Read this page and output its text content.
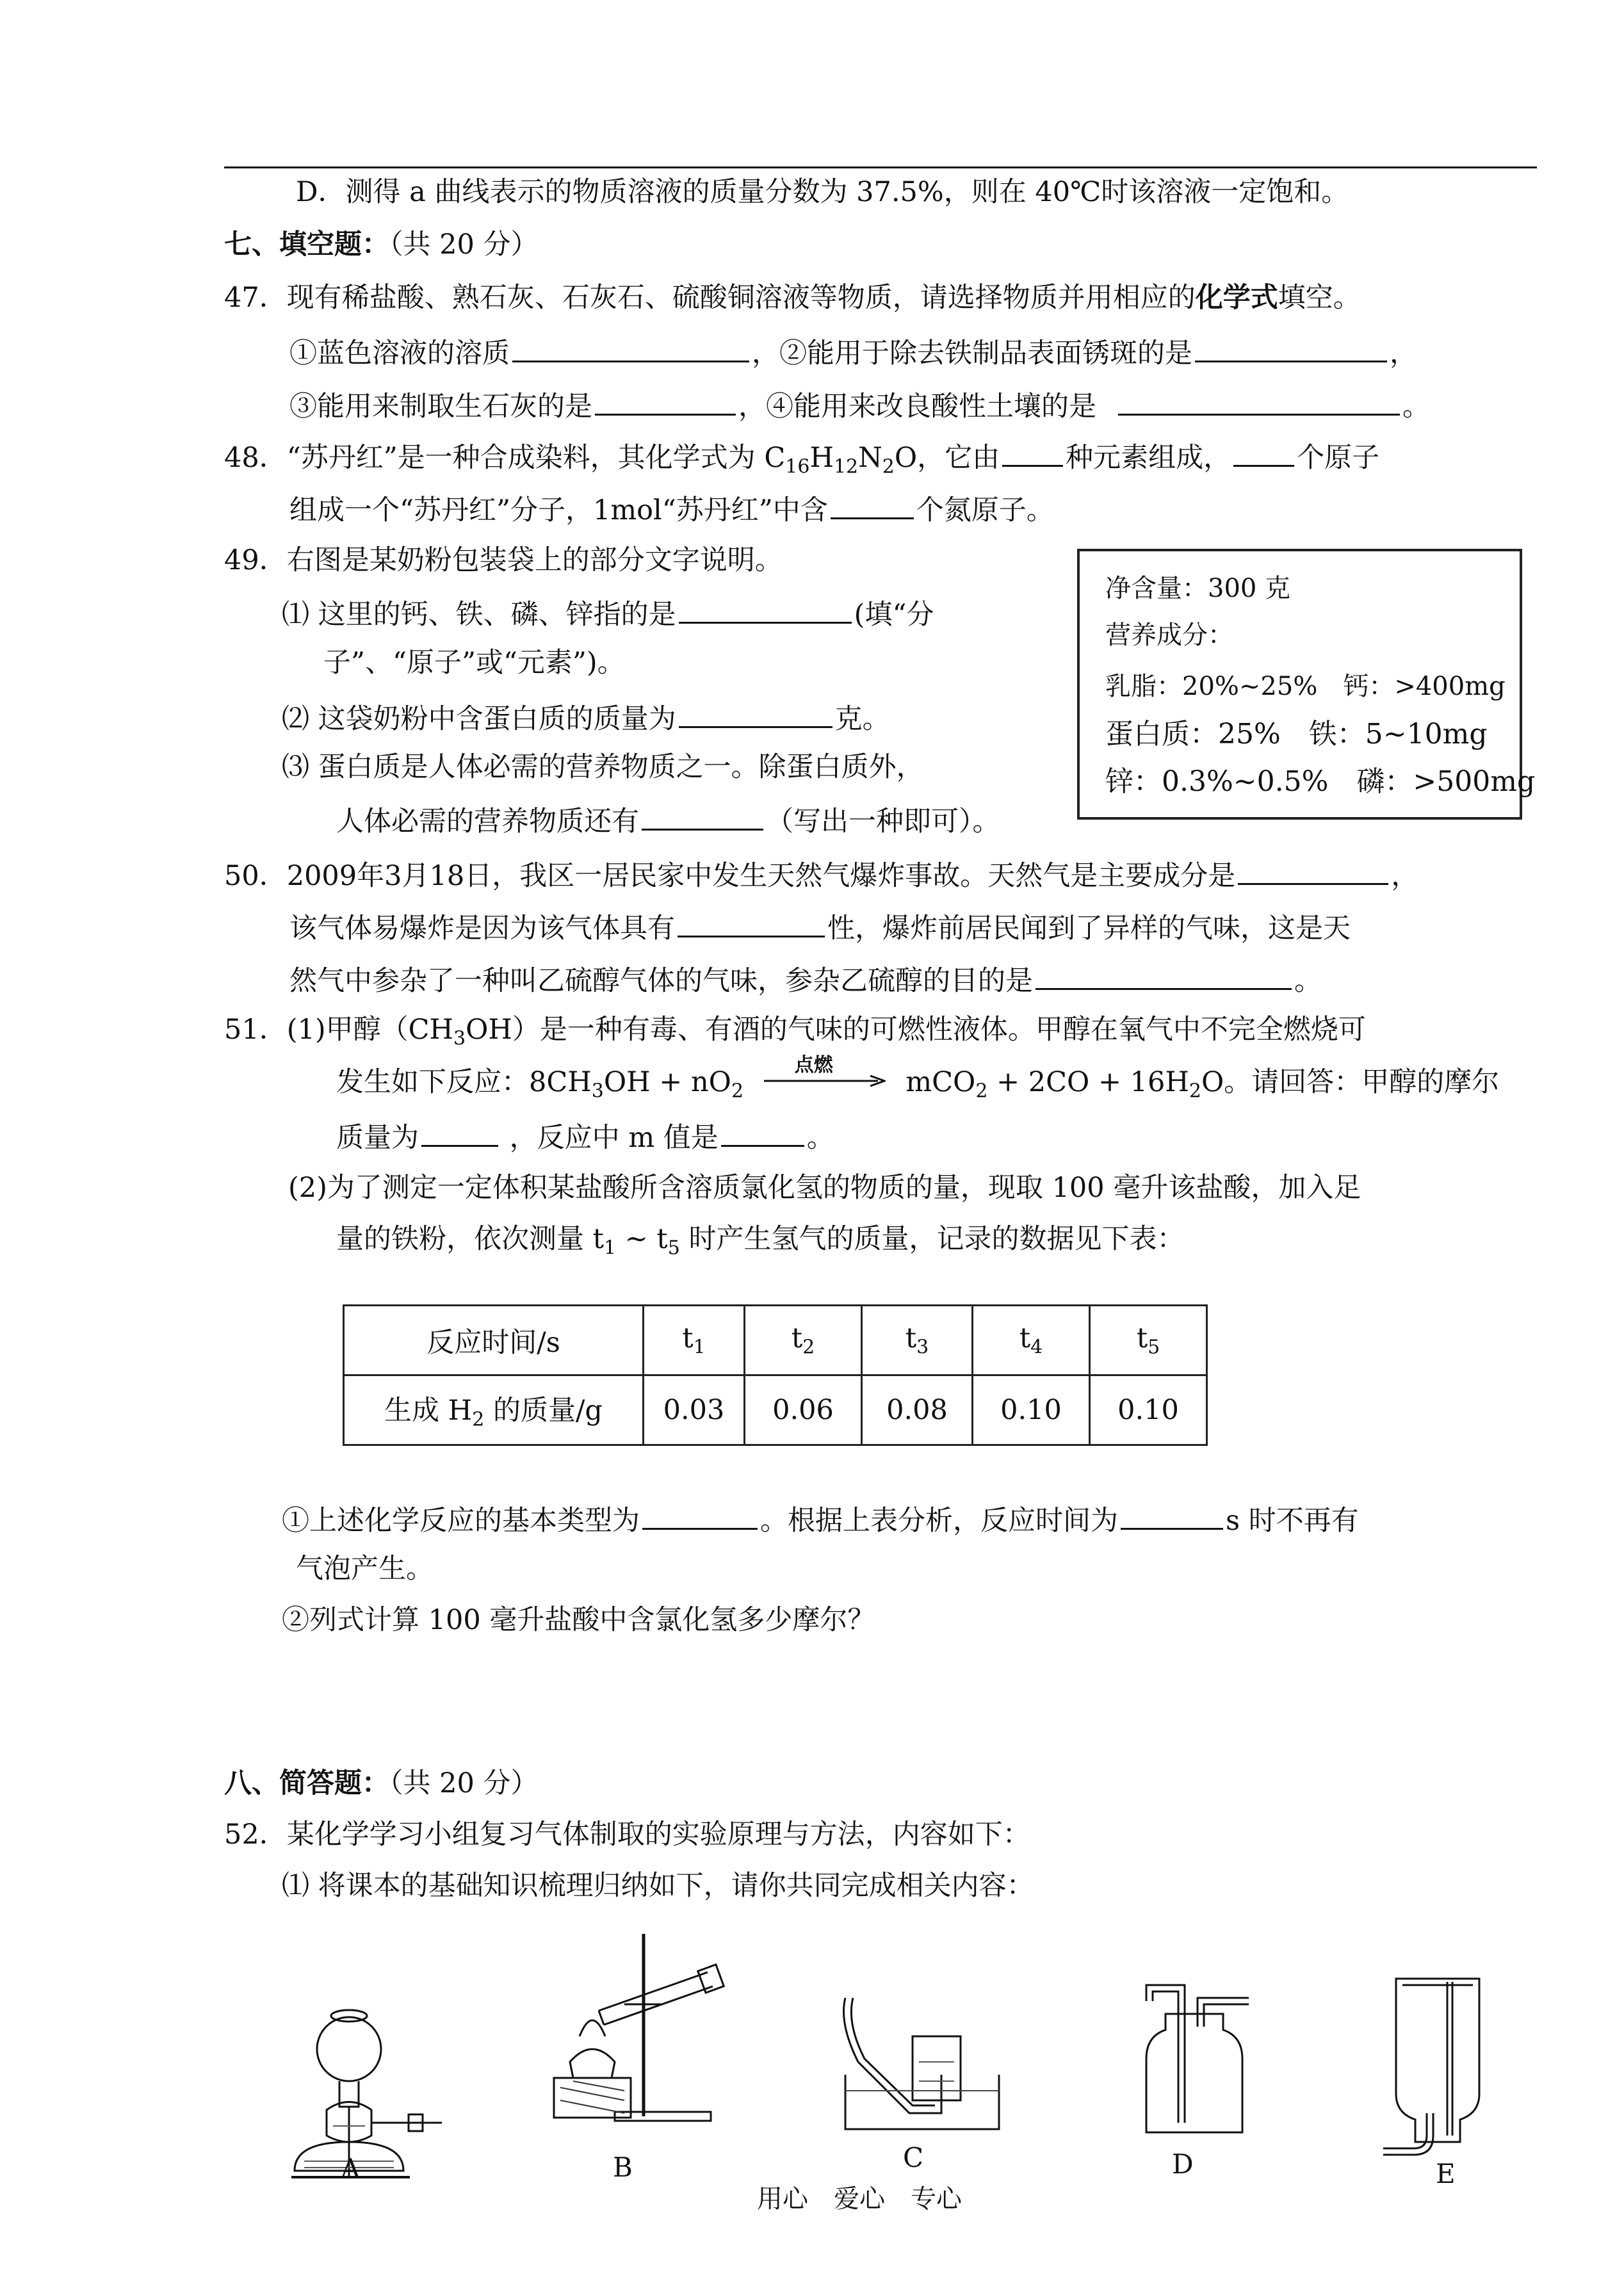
D．测得 a 曲线表示的物质溶液的质量分数为 37.5%，则在 40℃时该溶液一定饱和。
七、填空题：（共 20 分）
47．现有稀盐酸、熟石灰、石灰石、硫酸铜溶液等物质，请选择物质并用相应的化学式填空。
①蓝色溶液的溶质	，②能用于除去铁制品表面锈斑的是	，
③能用来制取生石灰的是	，④能用来改良酸性土壤的是	。
48．“苏丹红”是一种合成染料，其化学式为 $C_{16}H_{12}N_2O$，它由 种元素组成， 个原子
组成一个“苏丹红”分子，1mol“苏丹红”中含	个氮原子。
49．右图是某奶粉包装袋上的部分文字说明。
⑴ 这里的钙、铁、磷、锌指的是	(填“分
子”、“原子”或“元素”)。
⑵ 这袋奶粉中含蛋白质的质量为	克。
⑶ 蛋白质是人体必需的营养物质之一。除蛋白质外，
人体必需的营养物质还有	（写出一种即可）。
净含量：300 克
营养成分：
乳脂：20%~25%　钙：>400mg
蛋白质：25%　铁：5~10mg
锌：0.3%~0.5%　磷：>500mg
50．2009年3月18日，我区一居民家中发生天然气爆炸事故。天然气是主要成分是	，
该气体易爆炸是因为该气体具有	性，爆炸前居民闻到了异样的气味，这是天
然气中参杂了一种叫乙硫醇气体的气味，参杂乙硫醇的目的是	。
51．(1)甲醇$(CH_3OH)$是一种有毒、有酒的气味的可燃性液体。甲醇在氧气中不完全燃烧可
发生如下反应：$8CH_3OH + nO_2$
点燃
$mCO_2 + 2CO + 16H_2O$。请回答：甲醇的摩尔
质量为	，反应中 m 值是	。
(2)为了测定一定体积某盐酸所含溶质氯化氢的物质的量，现取 100 毫升该盐酸，加入足
量的铁粉，依次测量 $t_1$ ~ $t_5$ 时产生氢气的质量，记录的数据见下表：
反应时间/s	$t_1$	$t_2$	$t_3$	$t_4$	$t_5$
生成 $H_2$ 的质量/g	0.03	0.06	0.08	0.10	0.10
①上述化学反应的基本类型为	。根据上表分析，反应时间为	s 时不再有
气泡产生。
②列式计算 100 毫升盐酸中含氯化氢多少摩尔？
八、简答题：（共 20 分）
52．某化学学习小组复习气体制取的实验原理与方法，内容如下：
⑴ 将课本的基础知识梳理归纳如下，请你共同完成相关内容：
A	B	C
用心　爱心　专心
D	E
